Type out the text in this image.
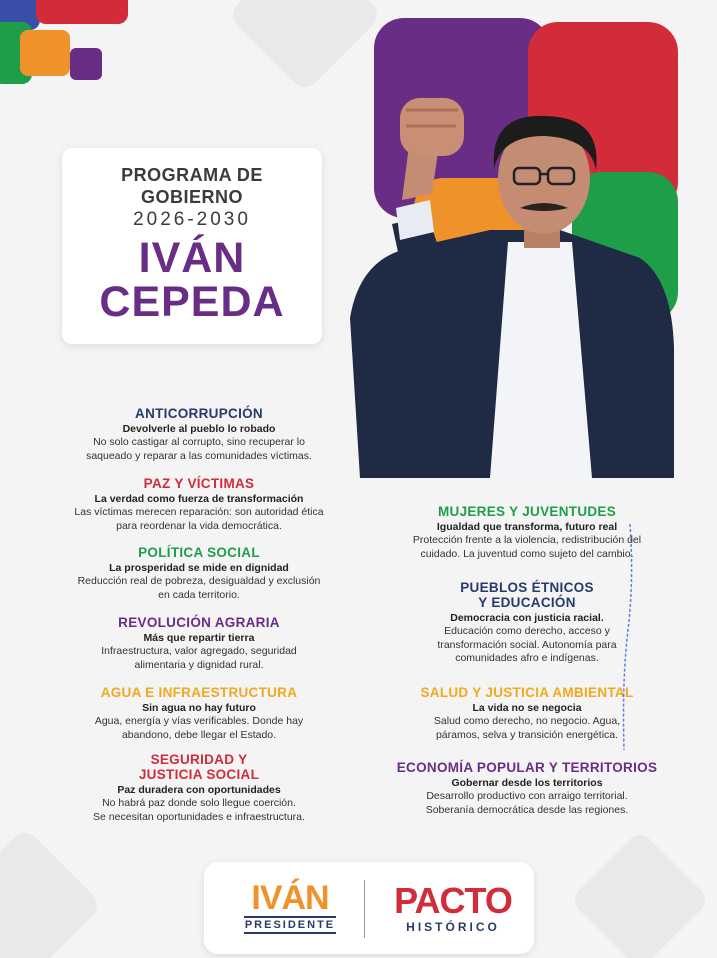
PROGRAMA DE
GOBIERNO
2026-2030
IVÁN
CEPEDA
ANTICORRUPCIÓN
Devolverle al pueblo lo robado
No solo castigar al corrupto, sino recuperar lo
saqueado y reparar a las comunidades víctimas.
PAZ Y VÍCTIMAS
La verdad como fuerza de transformación
Las víctimas merecen reparación: son autoridad ética
para reordenar la vida democrática.
POLÍTICA SOCIAL
La prosperidad se mide en dignidad
Reducción real de pobreza, desigualdad y exclusión
en cada territorio.
REVOLUCIÓN AGRARIA
Más que repartir tierra
Infraestructura, valor agregado, seguridad
alimentaria y dignidad rural.
AGUA E INFRAESTRUCTURA
Sin agua no hay futuro
Agua, energía y vías verificables. Donde hay
abandono, debe llegar el Estado.
SEGURIDAD Y
JUSTICIA SOCIAL
Paz duradera con oportunidades
No habrá paz donde solo llegue coerción.
Se necesitan oportunidades e infraestructura.
MUJERES Y JUVENTUDES
Igualdad que transforma, futuro real
Protección frente a la violencia, redistribución del
cuidado. La juventud como sujeto del cambio.
PUEBLOS ÉTNICOS
Y EDUCACIÓN
Democracia con justicia racial.
Educación como derecho, acceso y
transformación social. Autonomía para
comunidades afro e indígenas.
SALUD Y JUSTICIA AMBIENTAL
La vida no se negocia
Salud como derecho, no negocio. Agua,
páramos, selva y transición energética.
ECONOMÍA POPULAR Y TERRITORIOS
Gobernar desde los territorios
Desarrollo productivo con arraigo territorial.
Soberanía democrática desde las regiones.
IVÁN
PRESIDENTE
PACTO
HISTÓRICO
